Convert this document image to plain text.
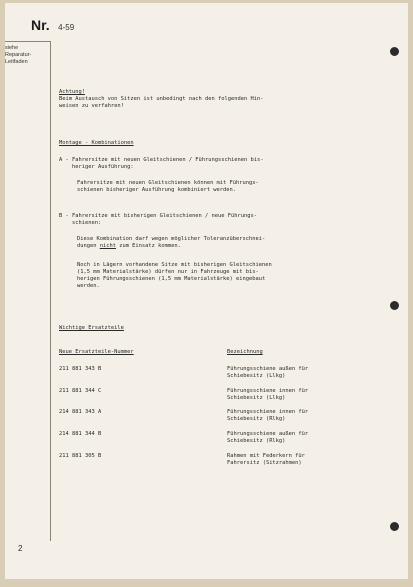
Nr. 4-59
siehe
Reparatur-
Leitfaden
Achtung!
Beim Austausch von Sitzen ist unbedingt nach den folgenden Hin-
weisen zu verfahren!
Montage - Kombinationen
A - Fahrersitze mit neuen Gleitschienen / Führungsschienen bis-
heriger Ausführung:
Fahrersitze mit neuen Gleitschienen können mit Führungs-
schienen bisheriger Ausführung kombiniert werden.
B - Fahrersitze mit bisherigen Gleitschienen / neue Führungs-
schienen:
Diese Kombination darf wegen möglicher Toleranzüberschnei-
dungen nicht zum Einsatz kommen.
Noch in Lägern vorhandene Sitze mit bisherigen Gleitschienen
(1,5 mm Materialstärke) dürfen nur in Fahrzeuge mit bis-
herigen Führungsschienen (1,5 mm Materialstärke) eingebaut
werden.
Wichtige Ersatzteile
Neue Ersatzteile-Nummer	Bezeichnung
211 881 343 B	Führungsschiene außen für
Schiebesitz (Llkg)
211 881 344 C	Führungsschiene innen für
Schiebesitz (Llkg)
214 881 343 A	Führungsschiene innen für
Schiebesitz (Rlkg)
214 881 344 B	Führungsschiene außen für
Schiebesitz (Rlkg)
211 881 305 B	Rahmen mit Federkern für
Fahrersitz (Sitzrahmen)
2
